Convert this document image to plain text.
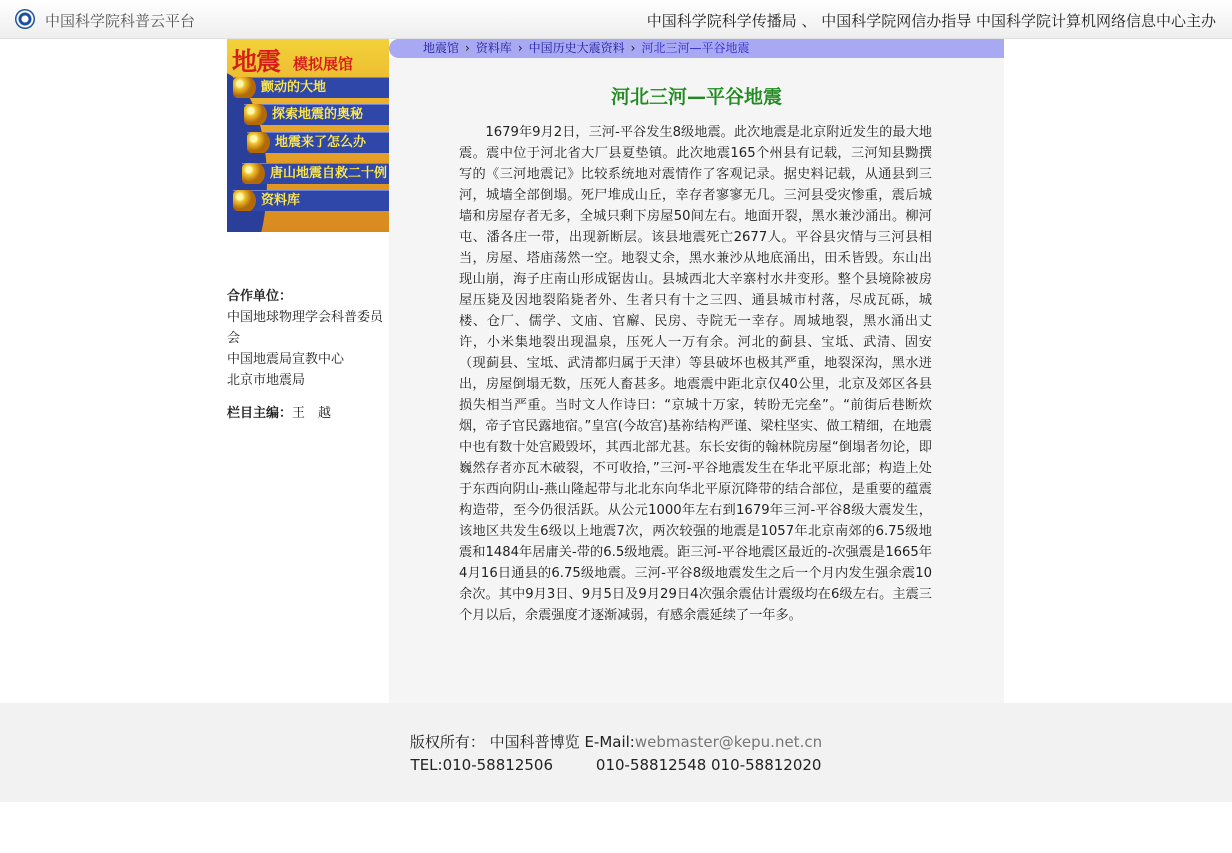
中国科学院科普云平台	中国科学院科学传播局 、 中国科学院网信办指导 中国科学院计算机网络信息中心主办
地震 模拟展馆
颤动的大地
探索地震的奥秘
地震来了怎么办
唐山地震自救二十例
资料库
合作单位：
中国地球物理学会科普委员会
中国地震局宣教中心
北京市地震局
栏目主编：王　越
地震馆 › 资料库 › 中国历史大震资料 › 河北三河—平谷地震
河北三河—平谷地震

1679年9月2日，三河-平谷发生8级地震。此次地震是北京附近发生的最大地震。震中位于河北省大厂县夏垫镇。此次地震165个州县有记载，三河知县黝撰写的《三河地震记》比较系统地对震情作了客观记录。据史料记载，从通县到三河，城墙全部倒塌。死尸堆成山丘，幸存者寥寥无几。三河县受灾惨重，震后城墙和房屋存者无多，全城只剩下房屋50间左右。地面开裂，黑水兼沙涌出。柳河屯、潘各庄一带，出现新断层。该县地震死亡2677人。平谷县灾情与三河县相当，房屋、塔庙荡然一空。地裂丈余，黑水兼沙从地底涌出，田禾皆毁。东山出现山崩，海子庄南山形成锯齿山。县城西北大辛寨村水井变形。整个县境除被房屋压毙及因地裂陷毙者外、生者只有十之三四、通县城市村落，尽成瓦砾，城楼、仓厂、儒学、文庙、官廨、民房、寺院无一幸存。周城地裂，黑水涌出丈许，小米集地裂出现温泉，压死人一万有余。河北的蓟县、宝坻、武清、固安（现蓟县、宝坻、武清都归属于天津）等县破坏也极其严重，地裂深沟，黑水迸出，房屋倒塌无数，压死人畜甚多。地震震中距北京仅40公里，北京及郊区各县损失相当严重。当时文人作诗曰：“京城十万家，转盼无完垒”。“前街后巷断炊烟，帝子官民露地宿。”皇宫(今故宫)基祢结构严谨、梁柱坚实、做工精细，在地震中也有数十处宫殿毁坏，其西北部尤甚。东长安街的翰林院房屋“倒塌者勿论，即巍然存者亦瓦木破裂，不可收拾，”三河-平谷地震发生在华北平原北部；构造上处于东西向阴山-燕山隆起带与北北东向华北平原沉降带的结合部位，是重要的蕴震构造带，至今仍很活跃。从公元1000年左右到1679年三河-平谷8级大震发生，该地区共发生6级以上地震7次，两次较强的地震是1057年北京南郊的6.75级地震和1484年居庸关-带的6.5级地震。距三河-平谷地震区最近的-次强震是1665年4月16日通县的6.75级地震。三河-平谷8级地震发生之后一个月内发生强余震10余次。其中9月3日、9月5日及9月29日4次强余震估计震级均在6级左右。主震三个月以后，余震强度才逐渐减弱，有感余震延续了一年多。

版权所有： 中国科普博览 E-Mail:webmaster@kepu.net.cn
TEL:010-58812506         010-58812548 010-58812020
